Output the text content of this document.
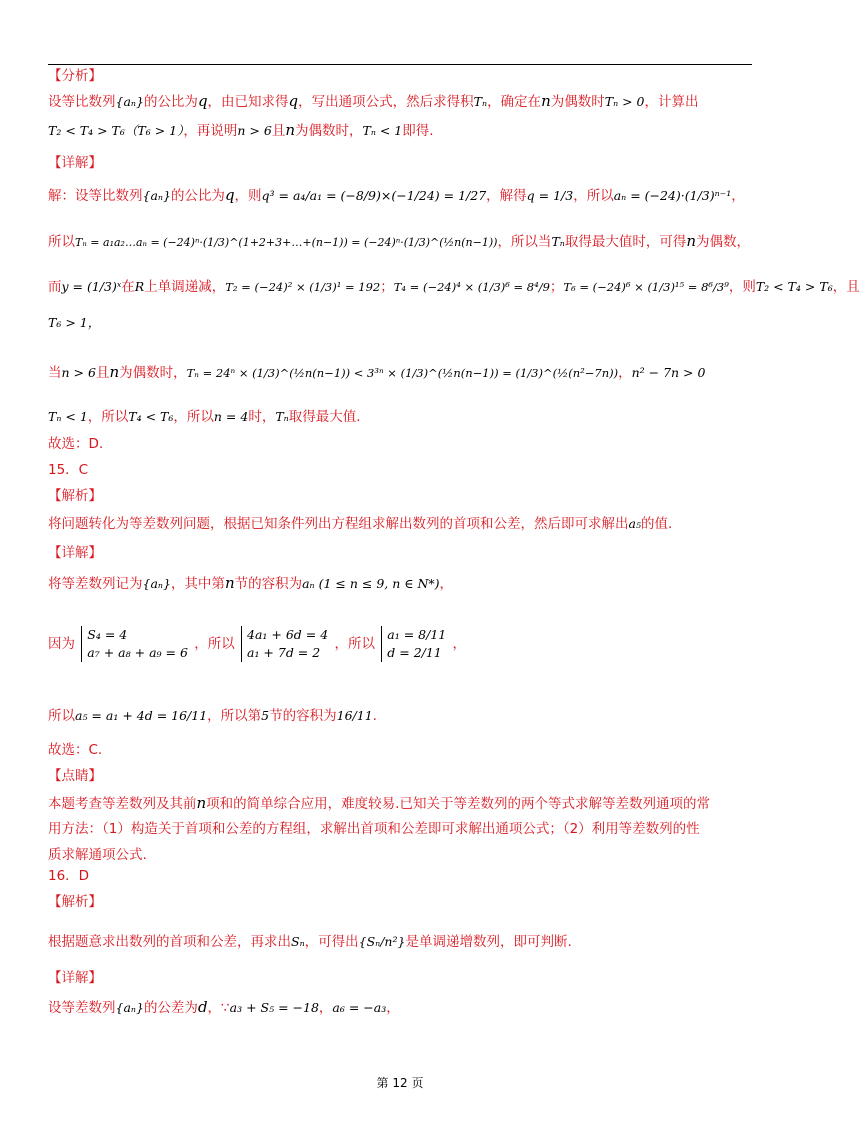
【分析】
设等比数列{aₙ}的公比为q，由已知求得q，写出通项公式，然后求得积Tₙ，确定在n为偶数时Tₙ > 0，计算出
T₂ < T₄ > T₆（T₆ > 1），再说明n > 6且n为偶数时，Tₙ < 1即得.
【详解】
解：设等比数列{aₙ}的公比为q，则q³ = a₄/a₁ = (−8/9)×(−1/24) = 1/27，解得q = 1/3，所以aₙ = (−24)·(1/3)ⁿ⁻¹，
所以Tₙ = a₁a₂…aₙ = (−24)ⁿ·(1/3)^(1+2+3+…+(n−1)) = (−24)ⁿ·(1/3)^(½n(n−1))，所以当Tₙ取得最大值时，可得n为偶数，
而y = (1/3)ˣ在R上单调递减，T₂ = (−24)² × (1/3)¹ = 192；T₄ = (−24)⁴ × (1/3)⁶ = 8⁴/9；T₆ = (−24)⁶ × (1/3)¹⁵ = 8⁶/3⁹，则T₂ < T₄ > T₆，且
T₆ > 1，
当n > 6且n为偶数时，Tₙ = 24ⁿ × (1/3)^(½n(n−1)) < 3³ⁿ × (1/3)^(½n(n−1)) = (1/3)^(½(n²−7n))，n² − 7n > 0
Tₙ < 1，所以T₄ < T₆，所以n = 4时，Tₙ取得最大值.
故选：D.
15．C
【解析】
将问题转化为等差数列问题，根据已知条件列出方程组求解出数列的首项和公差，然后即可求解出a₅的值.
【详解】
将等差数列记为{aₙ}，其中第n节的容积为aₙ (1 ≤ n ≤ 9, n ∈ N*)，
因为
S₄ = 4
a₇ + a₈ + a₉ = 6
，所以
4a₁ + 6d = 4
a₁ + 7d = 2
，所以
a₁ = 8/11
d = 2/11
，
所以a₅ = a₁ + 4d = 16/11，所以第5节的容积为16/11.
故选：C.
【点睛】
本题考查等差数列及其前n项和的简单综合应用，难度较易.已知关于等差数列的两个等式求解等差数列通项的常
用方法：（1）构造关于首项和公差的方程组，求解出首项和公差即可求解出通项公式；（2）利用等差数列的性
质求解通项公式.
16．D
【解析】
根据题意求出数列的首项和公差，再求出Sₙ，可得出{Sₙ/n²}是单调递增数列，即可判断.
【详解】
设等差数列{aₙ}的公差为d，∵a₃ + S₅ = −18，a₆ = −a₃，
第 12 页
